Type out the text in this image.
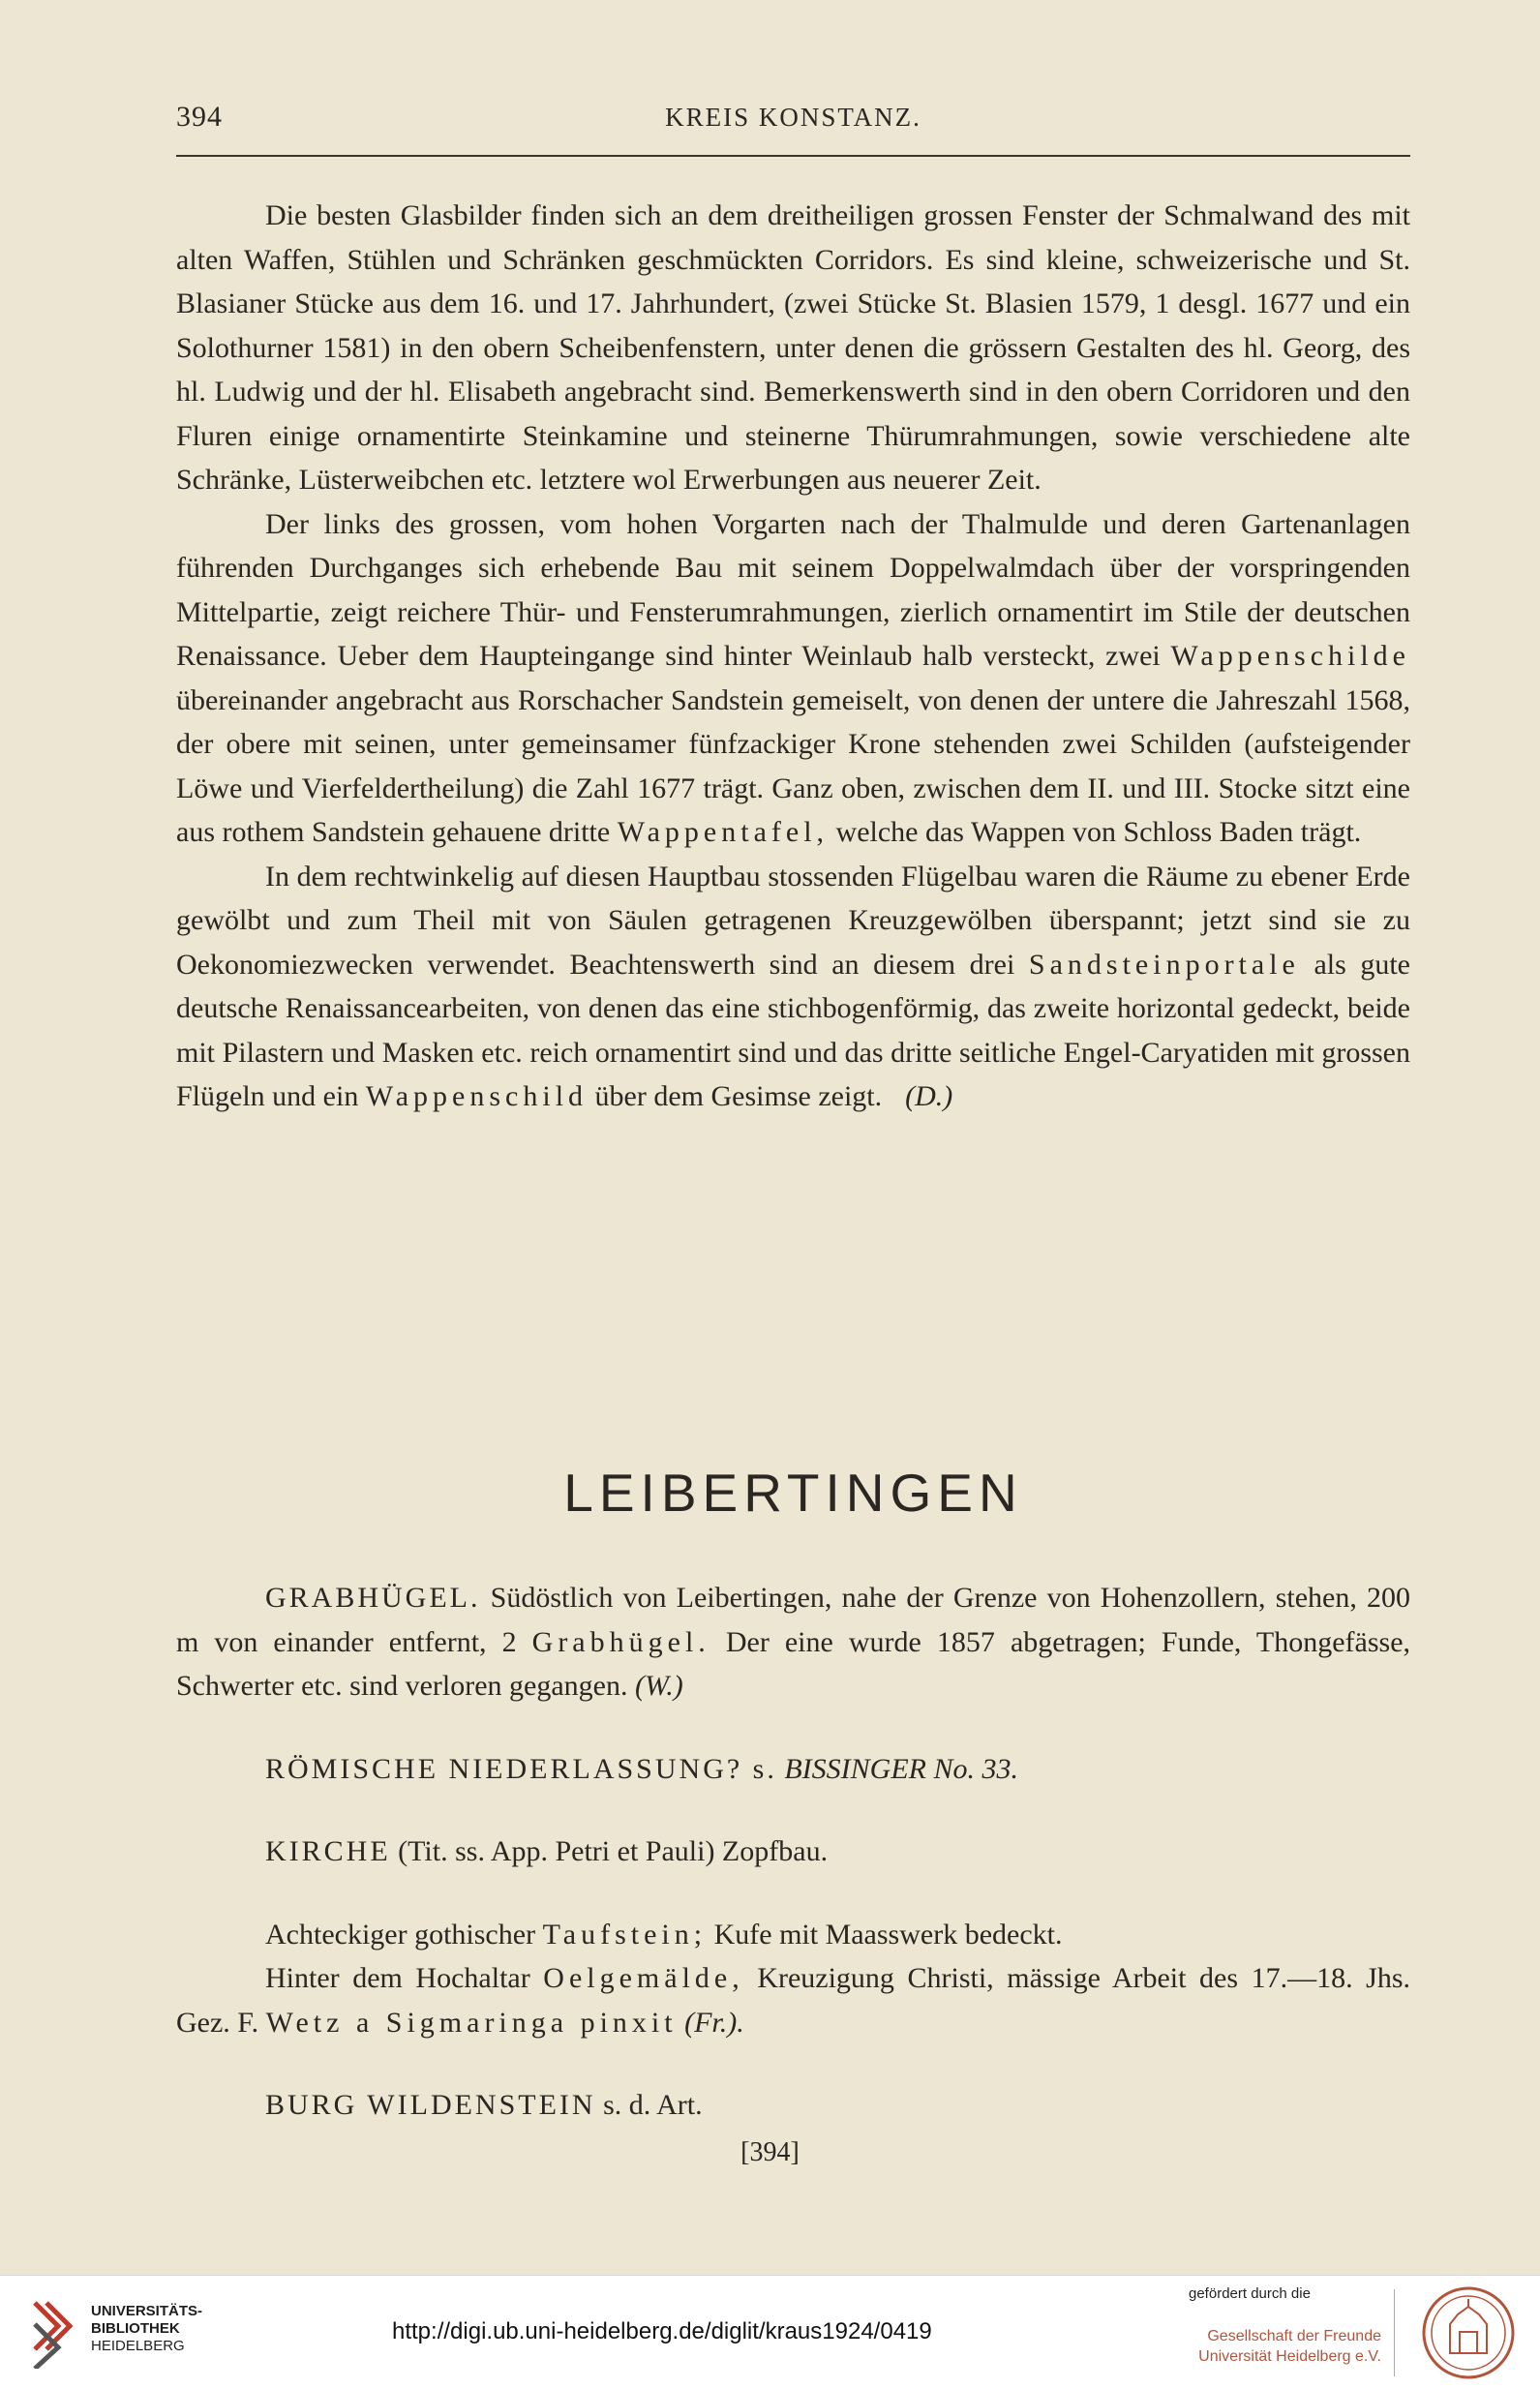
394	KREIS KONSTANZ.

Die besten Glasbilder finden sich an dem dreitheiligen grossen Fenster der Schmalwand des mit alten Waffen, Stühlen und Schränken geschmückten Corridors. Es sind kleine, schweizerische und St. Blasianer Stücke aus dem 16. und 17. Jahrhundert, (zwei Stücke St. Blasien 1579, 1 desgl. 1677 und ein Solothurner 1581) in den obern Scheibenfenstern, unter denen die grössern Gestalten des hl. Georg, des hl. Ludwig und der hl. Elisabeth angebracht sind. Bemerkenswerth sind in den obern Corridoren und den Fluren einige ornamentirte Steinkamine und steinerne Thürumrahmungen, sowie verschiedene alte Schränke, Lüsterweibchen etc. letztere wol Erwerbungen aus neuerer Zeit.

Der links des grossen, vom hohen Vorgarten nach der Thalmulde und deren Gartenanlagen führenden Durchganges sich erhebende Bau mit seinem Doppelwalmdach über der vorspringenden Mittelpartie, zeigt reichere Thür- und Fensterumrahmungen, zierlich ornamentirt im Stile der deutschen Renaissance. Ueber dem Haupteingange sind hinter Weinlaub halb versteckt, zwei Wappenschilde übereinander angebracht aus Rorschacher Sandstein gemeiselt, von denen der untere die Jahreszahl 1568, der obere mit seinen, unter gemeinsamer fünfzackiger Krone stehenden zwei Schilden (aufsteigender Löwe und Vierfeldertheilung) die Zahl 1677 trägt. Ganz oben, zwischen dem II. und III. Stocke sitzt eine aus rothem Sandstein gehauene dritte Wappentafel, welche das Wappen von Schloss Baden trägt.

In dem rechtwinkelig auf diesen Hauptbau stossenden Flügelbau waren die Räume zu ebener Erde gewölbt und zum Theil mit von Säulen getragenen Kreuzgewölben überspannt; jetzt sind sie zu Oekonomiezwecken verwendet. Beachtenswerth sind an diesem drei Sandsteinportale als gute deutsche Renaissancearbeiten, von denen das eine stichbogenförmig, das zweite horizontal gedeckt, beide mit Pilastern und Masken etc. reich ornamentirt sind und das dritte seitliche Engel-Caryatiden mit grossen Flügeln und ein Wappenschild über dem Gesimse zeigt. (D.)

LEIBERTINGEN

GRABHÜGEL. Südöstlich von Leibertingen, nahe der Grenze von Hohenzollern, stehen, 200 m von einander entfernt, 2 Grabhügel. Der eine wurde 1857 abgetragen; Funde, Thongefässe, Schwerter etc. sind verloren gegangen. (W.)

RÖMISCHE NIEDERLASSUNG? s. BISSINGER No. 33.

KIRCHE (Tit. ss. App. Petri et Pauli) Zopfbau.

Achteckiger gothischer Taufstein; Kufe mit Maasswerk bedeckt.

Hinter dem Hochaltar Oelgemälde, Kreuzigung Christi, mässige Arbeit des 17.—18. Jhs. Gez. F. Wetz a Sigmaringa pinxit (Fr.).

BURG WILDENSTEIN s. d. Art.

[394]
UNIVERSITÄTS-
BIBLIOTHEK
HEIDELBERG
http://digi.ub.uni-heidelberg.de/diglit/kraus1924/0419
gefördert durch die
Gesellschaft der Freunde
Universität Heidelberg e.V.
